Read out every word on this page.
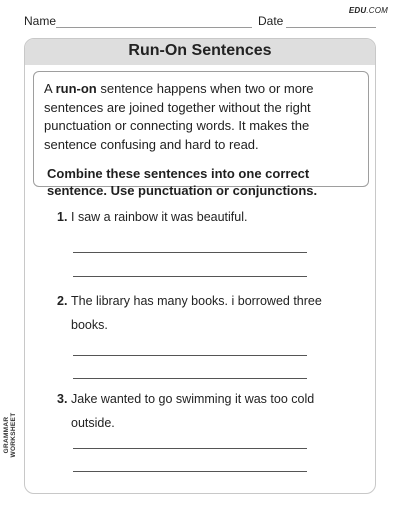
EDU.COM
Name	Date
Run-On Sentences

A run-on sentence happens when two or more sentences are joined together without the right punctuation or connecting words. It makes the sentence confusing and hard to read.

Combine these sentences into one correct sentence. Use punctuation or conjunctions.
1. I saw a rainbow it was beautiful.
2. The library has many books. i borrowed three
books.
3. Jake wanted to go swimming it was too cold
outside.
GRAMMAR WORKSHEET
